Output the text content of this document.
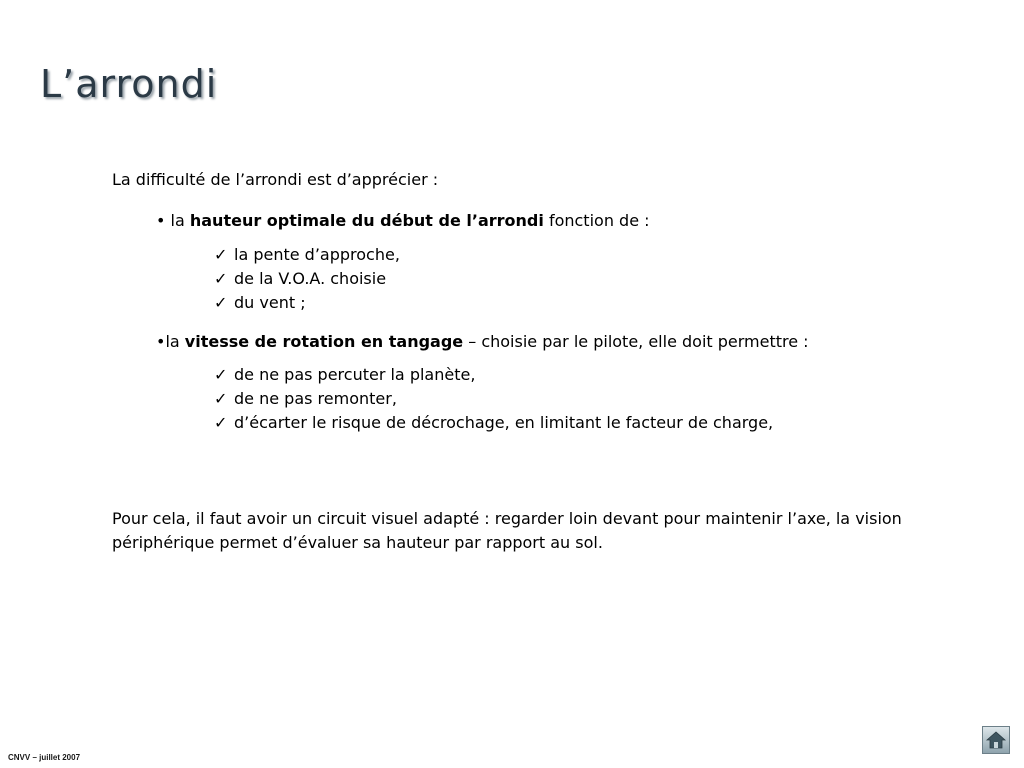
L’arrondi
La difficulté de l’arrondi est d’apprécier :
• la hauteur optimale du début de l’arrondi fonction de :
✓ la pente d’approche,
✓ de la V.O.A. choisie
✓ du vent ;
•la vitesse de rotation en tangage – choisie par le pilote, elle doit permettre :
✓ de ne pas percuter la planète,
✓ de ne pas remonter,
✓ d’écarter le risque de décrochage, en limitant le facteur de charge,
Pour cela, il faut avoir un circuit visuel adapté : regarder loin devant pour maintenir l’axe, la vision périphérique permet d’évaluer sa hauteur par rapport au sol.
CNVV – juillet 2007
